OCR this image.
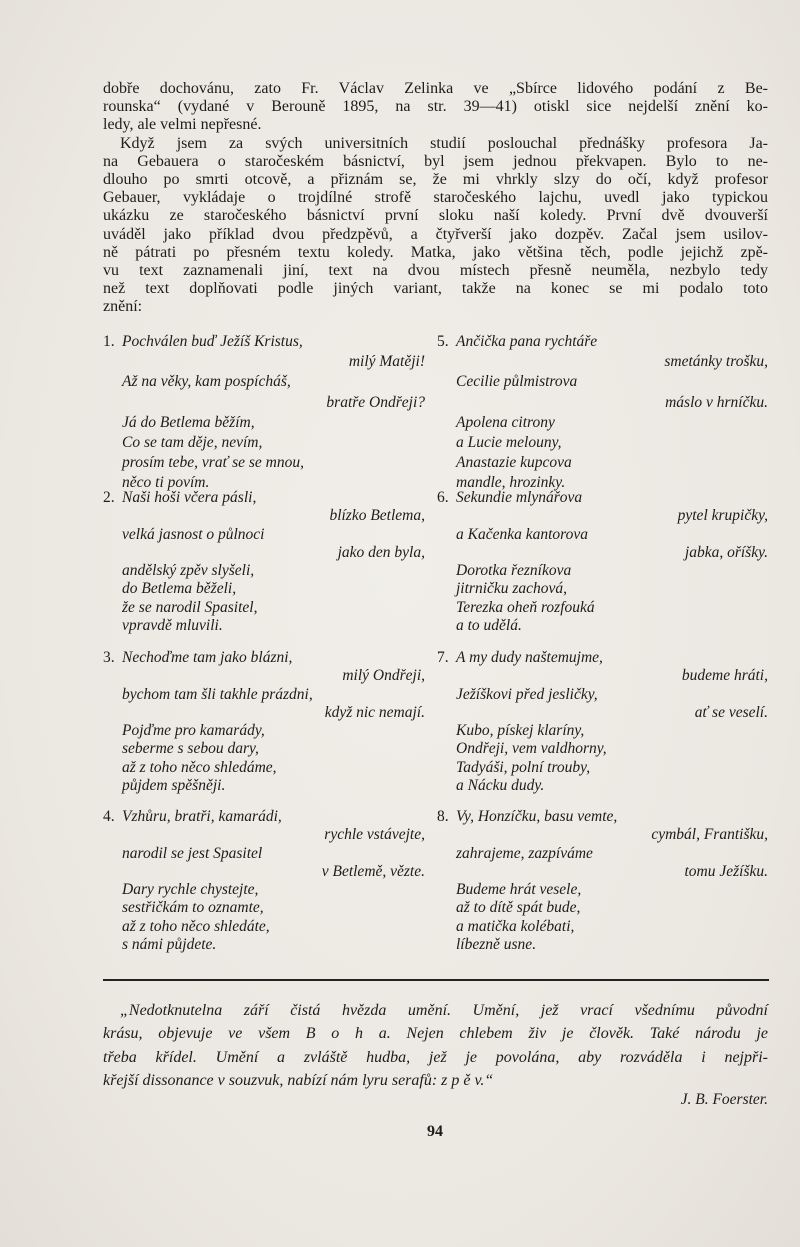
dobře dochovánu, zato Fr. Václav Zelinka ve „Sbírce lidového podání z Be-
rounska“ (vydané v Berouně 1895, na str. 39—41) otiskl sice nejdelší znění ko-
ledy, ale velmi nepřesné.
Když jsem za svých universitních studií poslouchal přednášky profesora Ja-
na Gebauera o staročeském básnictví, byl jsem jednou překvapen. Bylo to ne-
dlouho po smrti otcově, a přiznám se, že mi vhrkly slzy do očí, když profesor
Gebauer, vykládaje o trojdílné strofě staročeského lajchu, uvedl jako typickou
ukázku ze staročeského básnictví první sloku naší koledy. První dvě dvouverší
uváděl jako příklad dvou předzpěvů, a čtyřverší jako dozpěv. Začal jsem usilov-
ně pátrati po přesném textu koledy. Matka, jako většina těch, podle jejichž zpě-
vu text zaznamenali jiní, text na dvou místech přesně neuměla, nezbylo tedy
než text doplňovati podle jiných variant, takže na konec se mi podalo toto
znění:
1. Pochválen buď Ježíš Kristus,
milý Matěji!
Až na věky, kam pospícháš,
bratře Ondřeji?
Já do Betlema běžím,
Co se tam děje, nevím,
prosím tebe, vrať se se mnou,
něco ti povím.
2. Naši hoši včera pásli,
blízko Betlema,
velká jasnost o půlnoci
jako den byla,
andělský zpěv slyšeli,
do Betlema běželi,
že se narodil Spasitel,
vpravdě mluvili.
3. Nechoďme tam jako blázni,
milý Ondřeji,
bychom tam šli takhle prázdni,
když nic nemají.
Pojďme pro kamarády,
seberme s sebou dary,
až z toho něco shledáme,
půjdem spěšněji.
4. Vzhůru, bratři, kamarádi,
rychle vstávejte,
narodil se jest Spasitel
v Betlemě, vězte.
Dary rychle chystejte,
sestřičkám to oznamte,
až z toho něco shledáte,
s námi půjdete.
5. Ančička pana rychtáře
smetánky trošku,
Cecilie půlmistrova
máslo v hrníčku.
Apolena citrony
a Lucie melouny,
Anastazie kupcova
mandle, hrozinky.
6. Sekundie mlynářova
pytel krupičky,
a Kačenka kantorova
jabka, oříšky.
Dorotka řezníkova
jitrničku zachová,
Terezka oheň rozfouká
a to udělá.
7. A my dudy naštemujme,
budeme hráti,
Ježíškovi před jesličky,
ať se veselí.
Kubo, pískej klaríny,
Ondřeji, vem valdhorny,
Tadyáši, polní trouby,
a Nácku dudy.
8. Vy, Honzíčku, basu vemte,
cymbál, Františku,
zahrajeme, zazpíváme
tomu Ježíšku.
Budeme hrát vesele,
až to dítě spát bude,
a matička kolébati,
líbezně usne.
„Nedotknutelna září čistá hvězda umění. Umění, jež vrací všednímu původní
krásu, objevuje ve všem B o h a. Nejen chlebem živ je člověk. Také národu je
třeba křídel. Umění a zvláště hudba, jež je povolána, aby rozváděla i nejpři-
křejší dissonance v souzvuk, nabízí nám lyru serafů: z p ě v.“
J. B. Foerster.
94
